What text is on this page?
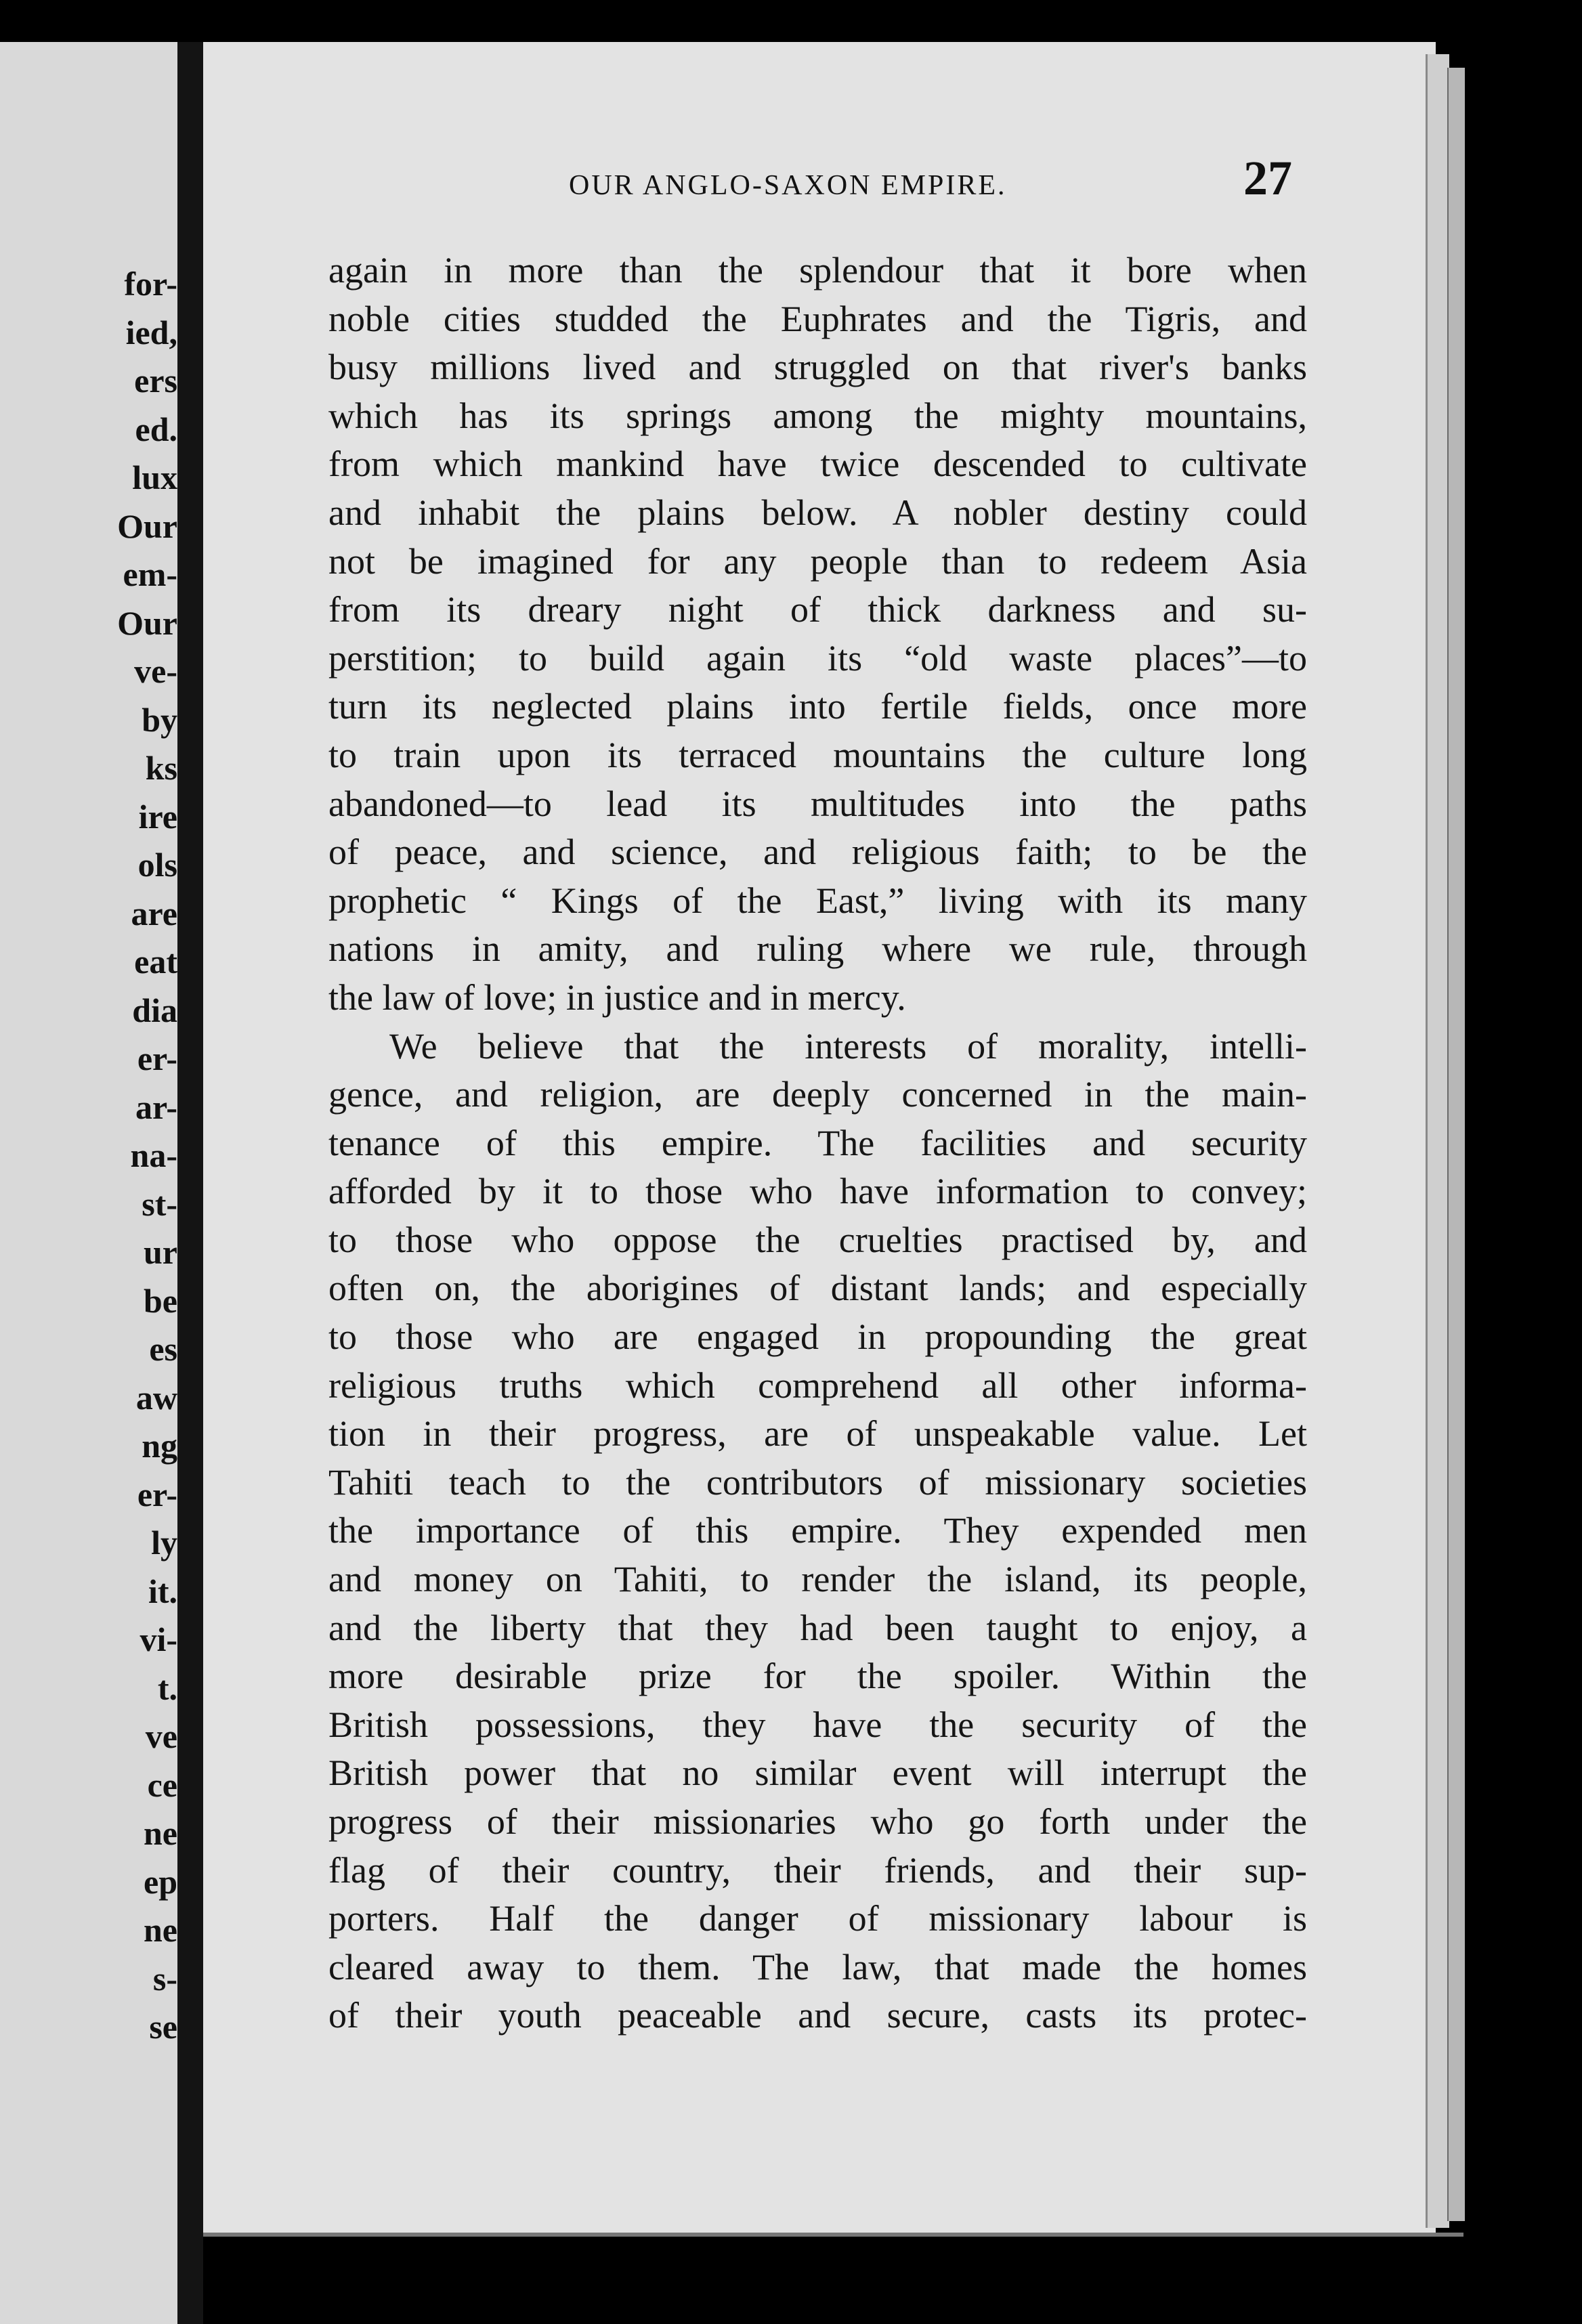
for-
ied,
ers
ed.
lux
Our
em-
Our
ve-
by
ks
ire
ols
are
eat
dia
er-
ar-
na-
st-
ur
be
es
aw
ng
er-
ly
it.
vi-
t.
ve
ce
ne
ep
ne
s-
se
OUR ANGLO-SAXON EMPIRE.	27
again in more than the splendour that it bore when
noble cities studded the Euphrates and the Tigris, and
busy millions lived and struggled on that river's banks
which has its springs among the mighty mountains,
from which mankind have twice descended to cultivate
and inhabit the plains below. A nobler destiny could
not be imagined for any people than to redeem Asia
from its dreary night of thick darkness and su-
perstition; to build again its “old waste places”—to
turn its neglected plains into fertile fields, once more
to train upon its terraced mountains the culture long
abandoned—to lead its multitudes into the paths
of peace, and science, and religious faith; to be the
prophetic “ Kings of the East,” living with its many
nations in amity, and ruling where we rule, through
the law of love; in justice and in mercy.
We believe that the interests of morality, intelli-
gence, and religion, are deeply concerned in the main-
tenance of this empire. The facilities and security
afforded by it to those who have information to convey;
to those who oppose the cruelties practised by, and
often on, the aborigines of distant lands; and especially
to those who are engaged in propounding the great
religious truths which comprehend all other informa-
tion in their progress, are of unspeakable value. Let
Tahiti teach to the contributors of missionary societies
the importance of this empire. They expended men
and money on Tahiti, to render the island, its people,
and the liberty that they had been taught to enjoy, a
more desirable prize for the spoiler. Within the
British possessions, they have the security of the
British power that no similar event will interrupt the
progress of their missionaries who go forth under the
flag of their country, their friends, and their sup-
porters. Half the danger of missionary labour is
cleared away to them. The law, that made the homes
of their youth peaceable and secure, casts its protec-
